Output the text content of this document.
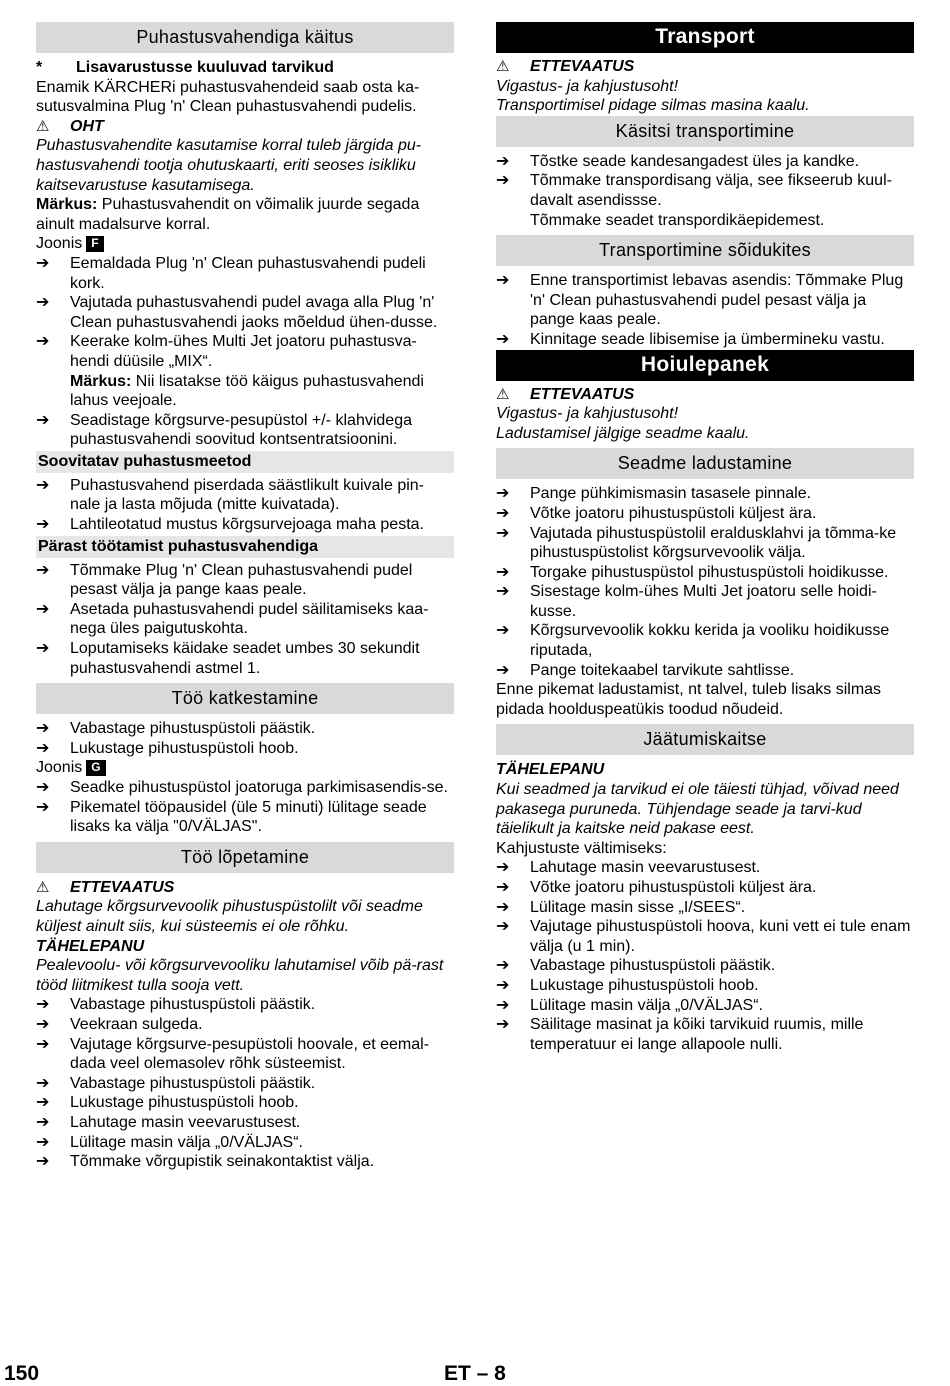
Puhastusvahendiga käitus
*	Lisavarustusse kuuluvad tarvikud

Enamik KÄRCHERi puhastusvahendeid saab osta ka-sutusvalmina Plug 'n' Clean puhastusvahendi pudelis.

⚠	OHT

Puhastusvahendite kasutamise korral tuleb järgida pu-hastusvahendi tootja ohutuskaarti, eriti seoses isikliku kaitsevarustuse kasutamisega.

Märkus: Puhastusvahendit on võimalik juurde segada ainult madalsurve korral.

Joonis F

➔	Eemaldada Plug 'n' Clean puhastusvahendi pudeli kork.
➔	Vajutada puhastusvahendi pudel avaga alla Plug 'n' Clean puhastusvahendi jaoks mõeldud ühen-dusse.
➔	Keerake kolm-ühes Multi Jet joatoru puhastusva-hendi düüsile „MIX“.

Märkus: Nii lisatakse töö käigus puhastusvahendi lahus veejoale.

➔	Seadistage kõrgsurve-pesupüstol +/- klahvidega puhastusvahendi soovitud kontsentratsioonini.
Soovitatav puhastusmeetod
➔	Puhastusvahend piserdada säästlikult kuivale pin-nale ja lasta mõjuda (mitte kuivatada).
➔	Lahtileotatud mustus kõrgsurvejoaga maha pesta.
Pärast töötamist puhastusvahendiga
➔	Tõmmake Plug 'n' Clean puhastusvahendi pudel pesast välja ja pange kaas peale.
➔	Asetada puhastusvahendi pudel säilitamiseks kaa-nega üles paigutuskohta.
➔	Loputamiseks käidake seadet umbes 30 sekundit puhastusvahendi astmel 1.
Töö katkestamine
➔	Vabastage pihustuspüstoli päästik.
➔	Lukustage pihustuspüstoli hoob.

Joonis G

➔	Seadke pihustuspüstol joatoruga parkimisasendis-se.
➔	Pikematel tööpausidel (üle 5 minuti) lülitage seade lisaks ka välja "0/VÄLJAS".
Töö lõpetamine
⚠	ETTEVAATUS

Lahutage kõrgsurvevoolik pihustuspüstolilt või seadme küljest ainult siis, kui süsteemis ei ole rõhku.

TÄHELEPANU

Pealevoolu- või kõrgsurvevooliku lahutamisel võib pä-rast tööd liitmikest tulla sooja vett.

➔	Vabastage pihustuspüstoli päästik.
➔	Veekraan sulgeda.
➔	Vajutage kõrgsurve-pesupüstoli hoovale, et eemal-dada veel olemasolev rõhk süsteemist.
➔	Vabastage pihustuspüstoli päästik.
➔	Lukustage pihustuspüstoli hoob.
➔	Lahutage masin veevarustusest.
➔	Lülitage masin välja „0/VÄLJAS“.
➔	Tõmmake võrgupistik seinakontaktist välja.
Transport
⚠	ETTEVAATUS

Vigastus- ja kahjustusoht!
Transportimisel pidage silmas masina kaalu.

Käsitsi transportimine
➔	Tõstke seade kandesangadest üles ja kandke.
➔	Tõmmake transpordisang välja, see fikseerub kuul-davalt asendissse.

Tõmmake seadet transpordikäepidemest.

Transportimine sõidukites
➔	Enne transportimist lebavas asendis: Tõmmake Plug 'n' Clean puhastusvahendi pudel pesast välja ja pange kaas peale.
➔	Kinnitage seade libisemise ja ümbermineku vastu.
Hoiulepanek
⚠	ETTEVAATUS

Vigastus- ja kahjustusoht!
Ladustamisel jälgige seadme kaalu.

Seadme ladustamine
➔	Pange pühkimismasin tasasele pinnale.
➔	Võtke joatoru pihustuspüstoli küljest ära.
➔	Vajutada pihustuspüstolil eraldusklahvi ja tõmma-ke pihustuspüstolist kõrgsurvevoolik välja.
➔	Torgake pihustuspüstol pihustuspüstoli hoidikusse.
➔	Sisestage kolm-ühes Multi Jet joatoru selle hoidi-kusse.
➔	Kõrgsurvevoolik kokku kerida ja vooliku hoidikusse riputada,
➔	Pange toitekaabel tarvikute sahtlisse.

Enne pikemat ladustamist, nt talvel, tuleb lisaks silmas pidada hoolduspeatükis toodud nõudeid.

Jäätumiskaitse

TÄHELEPANU

Kui seadmed ja tarvikud ei ole täiesti tühjad, võivad need pakasega puruneda. Tühjendage seade ja tarvi-kud täielikult ja kaitske neid pakase eest.

Kahjustuste vältimiseks:

➔	Lahutage masin veevarustusest.
➔	Võtke joatoru pihustuspüstoli küljest ära.
➔	Lülitage masin sisse „I/SEES“.
➔	Vajutage pihustuspüstoli hoova, kuni vett ei tule enam välja (u 1 min).
➔	Vabastage pihustuspüstoli päästik.
➔	Lukustage pihustuspüstoli hoob.
➔	Lülitage masin välja „0/VÄLJAS“.
➔	Säilitage masinat ja kõiki tarvikuid ruumis, mille temperatuur ei lange allapoole nulli.
150	ET – 8
